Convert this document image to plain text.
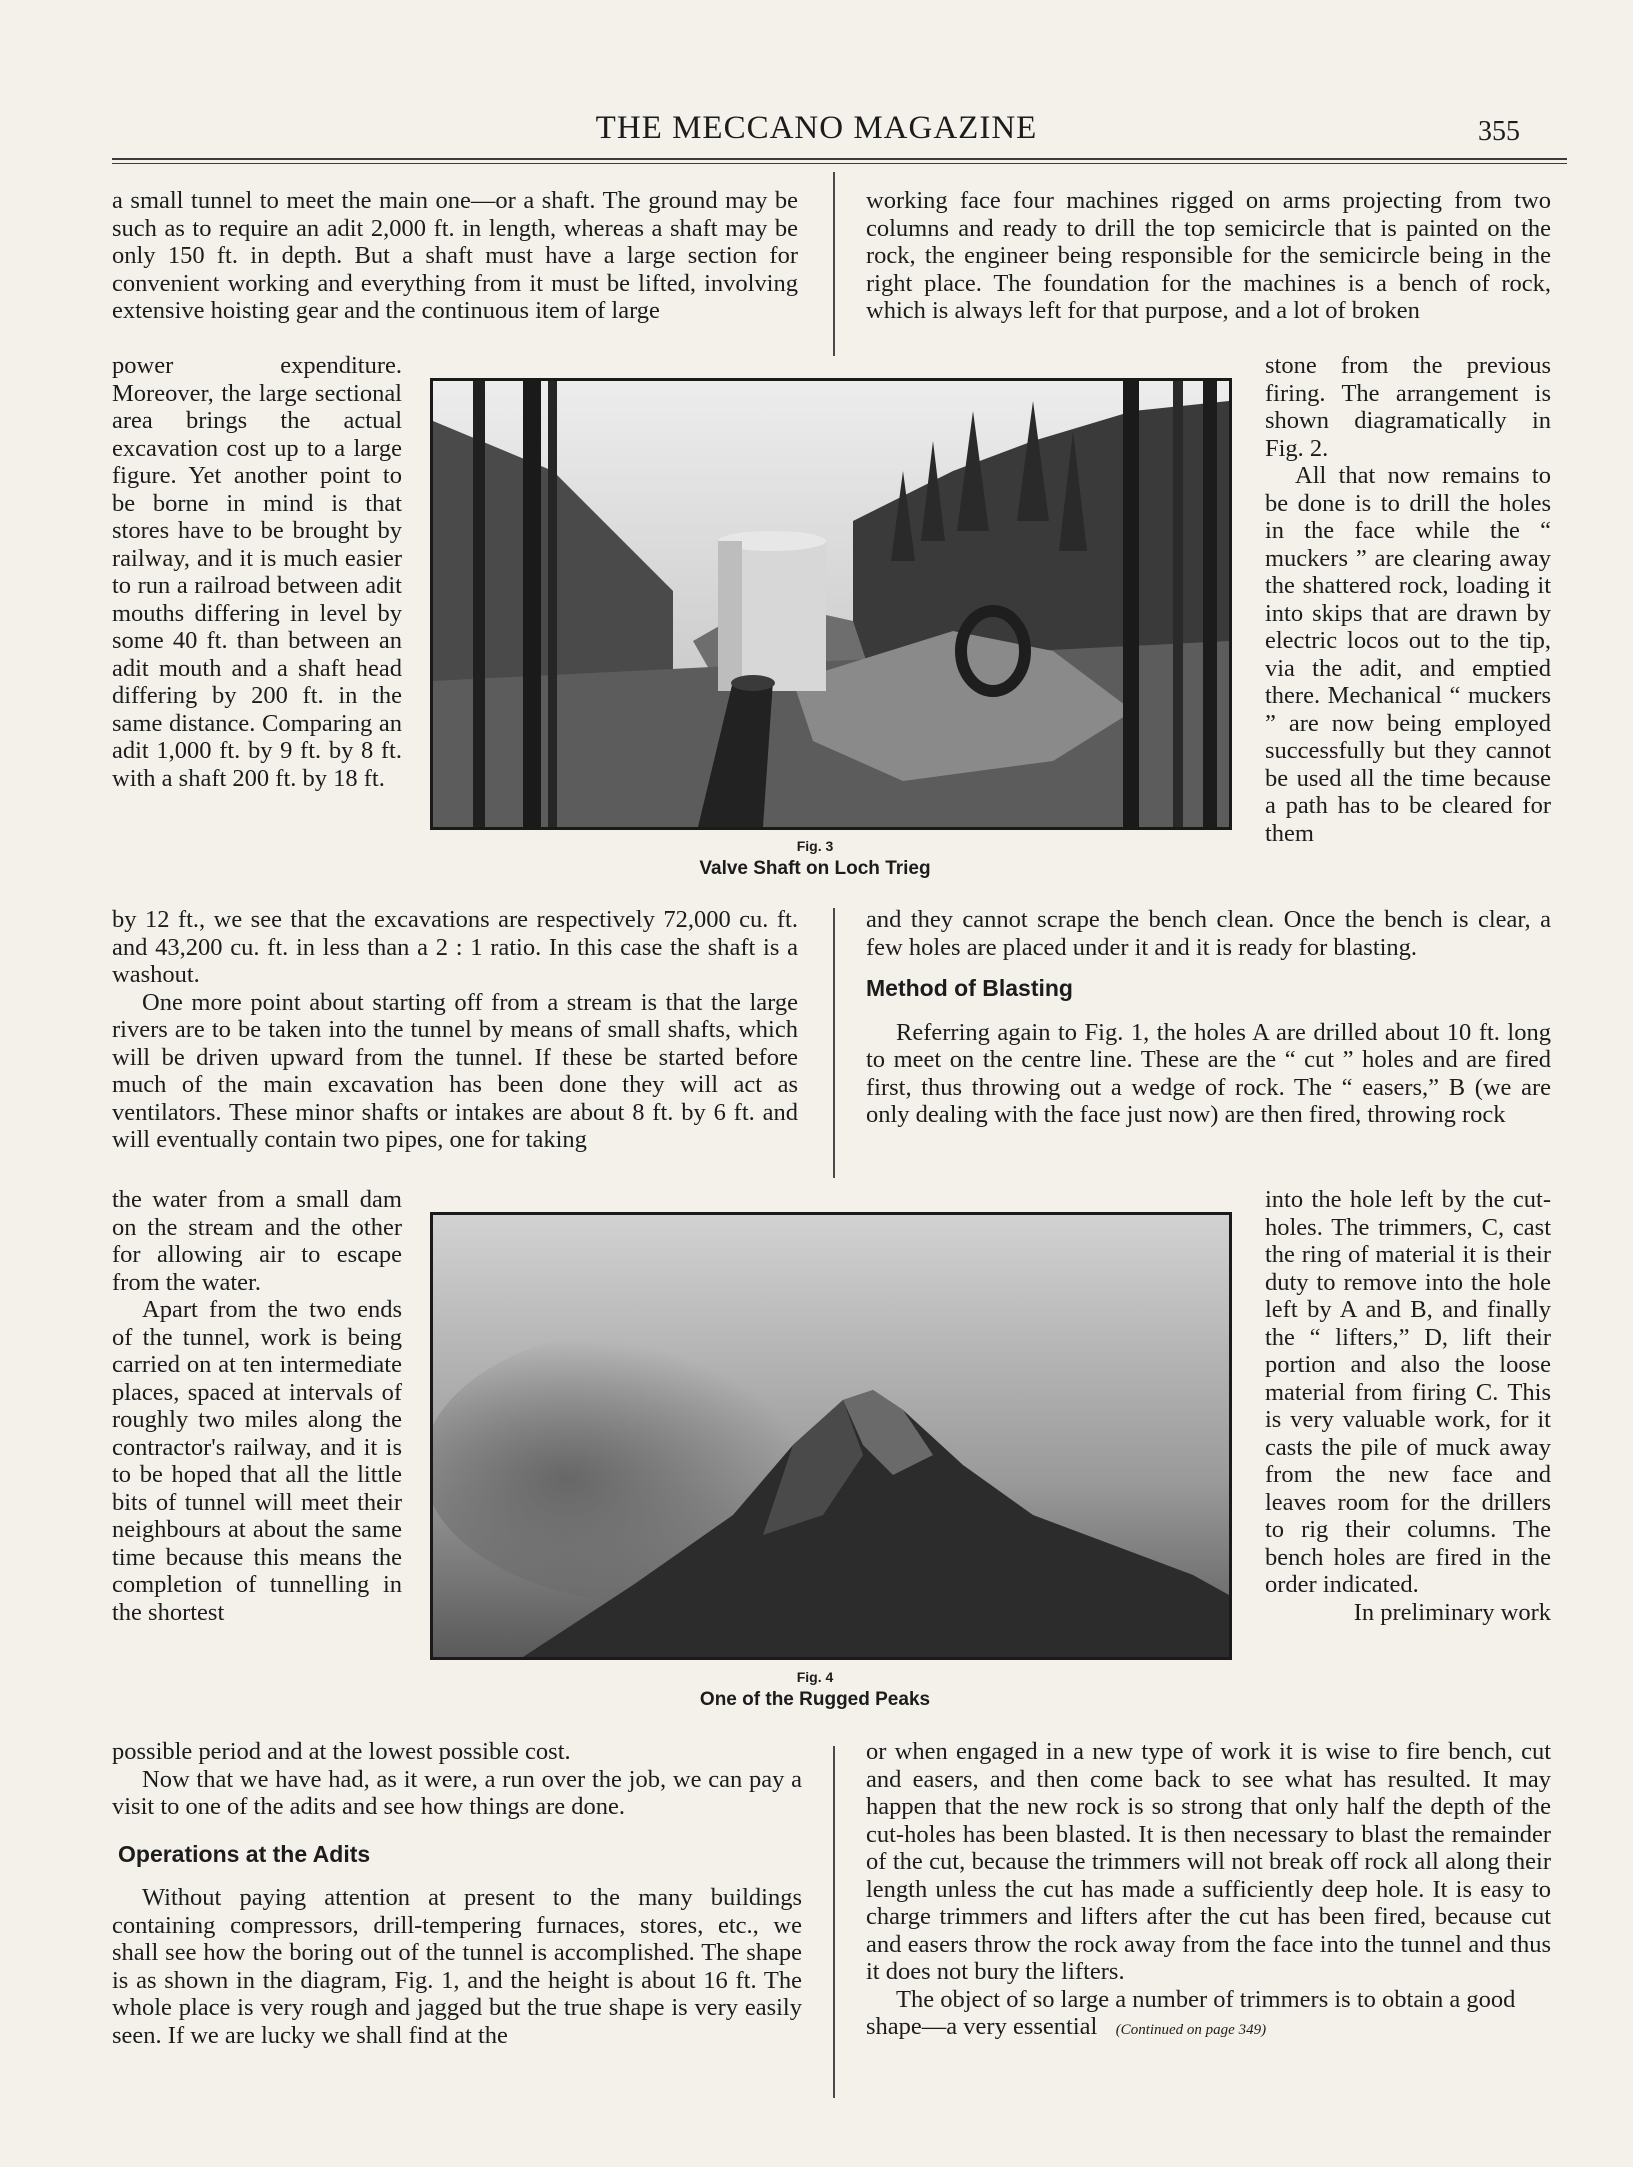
THE MECCANO MAGAZINE	355

a small tunnel to meet the main one—or a shaft. The ground may be such as to require an adit 2,000 ft. in length, whereas a shaft may be only 150 ft. in depth. But a shaft must have a large section for convenient working and everything from it must be lifted, involving extensive hoisting gear and the continuous item of large

power expenditure. Moreover, the large sectional area brings the actual excavation cost up to a large figure. Yet another point to be borne in mind is that stores have to be brought by railway, and it is much easier to run a railroad between adit mouths differing in level by some 40 ft. than between an adit mouth and a shaft head differing by 200 ft. in the same distance. Comparing an adit 1,000 ft. by 9 ft. by 8 ft. with a shaft 200 ft. by 18 ft.

by 12 ft., we see that the excavations are respectively 72,000 cu. ft. and 43,200 cu. ft. in less than a 2 : 1 ratio. In this case the shaft is a washout.

One more point about starting off from a stream is that the large rivers are to be taken into the tunnel by means of small shafts, which will be driven upward from the tunnel. If these be started before much of the main excavation has been done they will act as ventilators. These minor shafts or intakes are about 8 ft. by 6 ft. and will eventually contain two pipes, one for taking

the water from a small dam on the stream and the other for allowing air to escape from the water.

Apart from the two ends of the tunnel, work is being carried on at ten intermediate places, spaced at intervals of roughly two miles along the contractor's railway, and it is to be hoped that all the little bits of tunnel will meet their neighbours at about the same time because this means the completion of tunnelling in the shortest

possible period and at the lowest possible cost.

Now that we have had, as it were, a run over the job, we can pay a visit to one of the adits and see how things are done.

Operations at the Adits

Without paying attention at present to the many buildings containing compressors, drill-tempering furnaces, stores, etc., we shall see how the boring out of the tunnel is accomplished. The shape is as shown in the diagram, Fig. 1, and the height is about 16 ft. The whole place is very rough and jagged but the true shape is very easily seen. If we are lucky we shall find at the

working face four machines rigged on arms projecting from two columns and ready to drill the top semicircle that is painted on the rock, the engineer being responsible for the semicircle being in the right place. The foundation for the machines is a bench of rock, which is always left for that purpose, and a lot of broken

stone from the previous firing. The arrangement is shown diagramatically in Fig. 2.

All that now remains to be done is to drill the holes in the face while the “ muckers ” are clearing away the shattered rock, loading it into skips that are drawn by electric locos out to the tip, via the adit, and emptied there. Mechanical “ muckers ” are now being employed successfully but they cannot be used all the time because a path has to be cleared for them

and they cannot scrape the bench clean. Once the bench is clear, a few holes are placed under it and it is ready for blasting.

Method of Blasting

Referring again to Fig. 1, the holes A are drilled about 10 ft. long to meet on the centre line. These are the “ cut ” holes and are fired first, thus throwing out a wedge of rock. The “ easers,” B (we are only dealing with the face just now) are then fired, throwing rock

into the hole left by the cut-holes. The trimmers, C, cast the ring of material it is their duty to remove into the hole left by A and B, and finally the “ lifters,” D, lift their portion and also the loose material from firing C. This is very valuable work, for it casts the pile of muck away from the new face and leaves room for the drillers to rig their columns. The bench holes are fired in the order indicated.

In preliminary work

or when engaged in a new type of work it is wise to fire bench, cut and easers, and then come back to see what has resulted. It may happen that the new rock is so strong that only half the depth of the cut-holes has been blasted. It is then necessary to blast the remainder of the cut, because the trimmers will not break off rock all along their length unless the cut has made a sufficiently deep hole. It is easy to charge trimmers and lifters after the cut has been fired, because cut and easers throw the rock away from the face into the tunnel and thus it does not bury the lifters.

The object of so large a number of trimmers is to obtain a good shape—a very essential (Continued on page 349)

Fig. 3
Valve Shaft on Loch Trieg
Fig. 4
One of the Rugged Peaks
